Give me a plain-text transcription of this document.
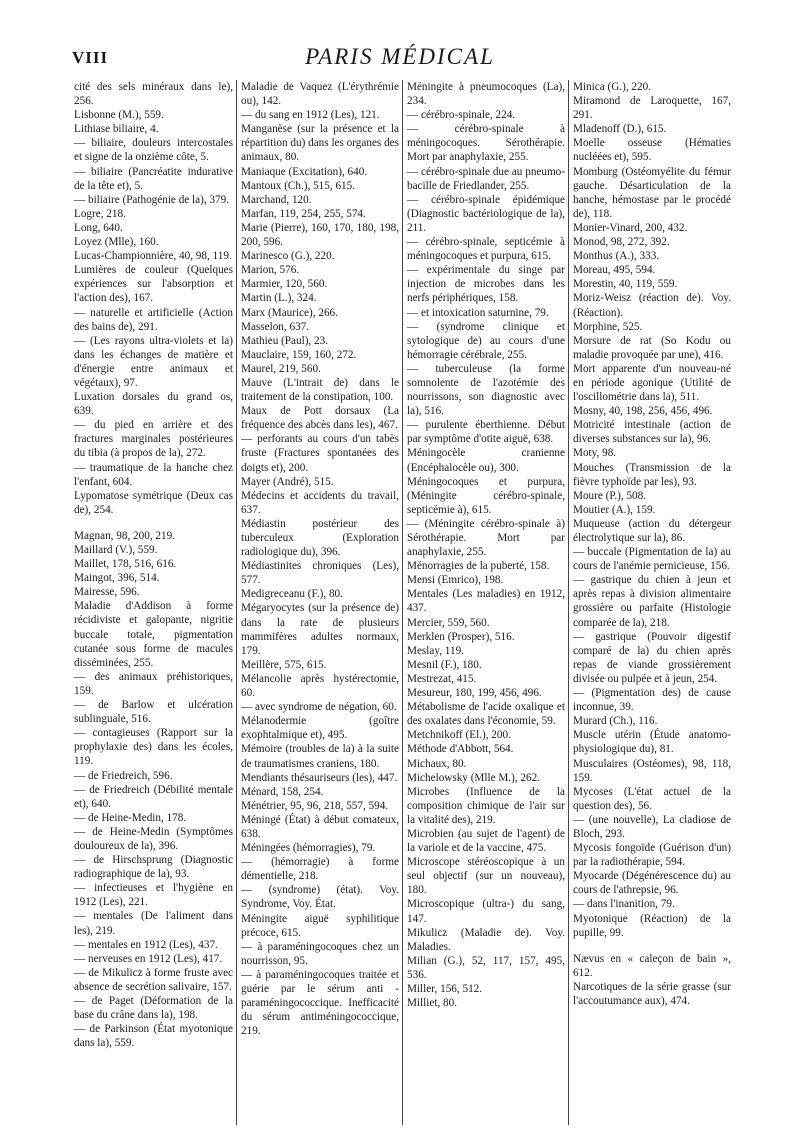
VIII	PARIS MÉDICAL

cité des sels minéraux dans le), 256.

Lisbonne (M.), 559.

Lithiase biliaire, 4.

— biliaire, douleurs intercostales et signe de la onzième côte, 5.

— biliaire (Pancréatite indurative de la tête et), 5.

— biliaire (Pathogénie de la), 379.

Logre, 218.

Long, 640.

Loyez (Mlle), 160.

Lucas-Championnière, 40, 98, 119.

Lumières de couleur (Quelques expériences sur l'absorption et l'action des), 167.

— naturelle et artificielle (Action des bains de), 291.

— (Les rayons ultra-violets et la) dans les échanges de matière et d'énergie entre animaux et végétaux), 97.

Luxation dorsales du grand os, 639.

— du pied en arrière et des fractures marginales postérieures du tibia (à propos de la), 272.

— traumatique de la hanche chez l'enfant, 604.

Lypomatose symétrique (Deux cas de), 254.

Magnan, 98, 200, 219.

Maillard (V.), 559.

Maillet, 178, 516, 616.

Maingot, 396, 514.

Mairesse, 596.

Maladie d'Addison à forme récidiviste et galopante, nigritie buccale totale, pigmentation cutanée sous forme de macules disséminées, 255.

— des animaux préhistoriques, 159.

— de Barlow et ulcération sublinguale, 516.

— contagieuses (Rapport sur la prophylaxie des) dans les écoles, 119.

— de Friedreich, 596.

— de Friedreich (Débilité mentale et), 640.

— de Heine-Medin, 178.

— de Heine-Medin (Symptômes douloureux de la), 396.

— de Hirschsprung (Diagnostic radiographique de la), 93.

— infectieuses et l'hygiène en 1912 (Les), 221.

— mentales (De l'aliment dans les), 219.

— mentales en 1912 (Les), 437.

— nerveuses en 1912 (Les), 417.

— de Mikulicz à forme fruste avec absence de secrétion salivaire, 157.

— de Paget (Déformation de la base du crâne dans la), 198.

— de Parkinson (État myotonique dans la), 559.

Maladie de Vaquez (L'érythrémie ou), 142.

— du sang en 1912 (Les), 121.

Manganèse (sur la présence et la répartition du) dans les organes des animaux, 80.

Maniaque (Excitation), 640.

Mantoux (Ch.), 515, 615.

Marchand, 120.

Marfan, 119, 254, 255, 574.

Marie (Pierre), 160, 170, 180, 198, 200, 596.

Marinesco (G.), 220.

Marion, 576.

Marmier, 120, 560.

Martin (L.), 324.

Marx (Maurice), 266.

Masselon, 637.

Mathieu (Paul), 23.

Mauclaire, 159, 160, 272.

Maurel, 219, 560.

Mauve (L'intrait de) dans le traitement de la constipation, 100.

Maux de Pott dorsaux (La fréquence des abcès dans les), 467.

— perforants au cours d'un tabès fruste (Fractures spontanées des doigts et), 200.

Mayer (André), 515.

Médecins et accidents du travail, 637.

Médiastin postérieur des tuberculeux (Exploration radiologique du), 396.

Médiastinites chroniques (Les), 577.

Medigreceanu (F.), 80.

Mégaryocytes (sur la présence de) dans la rate de plusieurs mammifères adultes normaux, 179.

Meillère, 575, 615.

Mélancolie après hystérectomie, 60.

— avec syndrome de négation, 60.

Mélanodermie (goître exophtalmique et), 495.

Mémoire (troubles de la) à la suite de traumatismes craniens, 180.

Mendiants thésauriseurs (les), 447.

Ménard, 158, 254.

Ménétrier, 95, 96, 218, 557, 594.

Méningé (État) à début comateux, 638.

Méningées (hémorragies), 79.

— (hémorragie) à forme démentielle, 218.

— (syndrome) (état). Voy. Syndrome, Voy. État.

Méningite aiguë syphilitique précoce, 615.

— à paraméningocoques chez un nourrisson, 95.

— à paraméningocoques traitée et guérie par le sérum anti - paraméningococcique. Inefficacité du sérum antiméningococcique, 219.

Méningite à pneumocoques (La), 234.

— cérébro-spinale, 224.

— cérébro-spinale à méningocoques. Sérothérapie. Mort par anaphylaxie, 255.

— cérébro-spinale due au pneumo-bacille de Friedlander, 255.

— cérébro-spinale épidémique (Diagnostic bactériologique de la), 211.

— cérébro-spinale, septicémie à méningocoques et purpura, 615.

— expérimentale du singe par injection de microbes dans les nerfs périphériques, 158.

— et intoxication saturnine, 79.

— (syndrome clinique et sytologique de) au cours d'une hémorragie cérébrale, 255.

— tuberculeuse (la forme somnolente de l'azotémie des nourrissons, son diagnostic avec la), 516.

— purulente éberthienne. Début par symptôme d'otite aiguë, 638.

Méningocèle cranienne (Encéphalocèle ou), 300.

Méningocoques et purpura, (Méningite cérébro-spinale, septicémie à), 615.

— (Méningite cérébro-spinale à) Sérothérapie. Mort par anaphylaxie, 255.

Ménorragies de la puberté, 158.

Mensi (Emrico), 198.

Mentales (Les maladies) en 1912, 437.

Mercier, 559, 560.

Merklen (Prosper), 516.

Meslay, 119.

Mesnil (F.), 180.

Mestrezat, 415.

Mesureur, 180, 199, 456, 496.

Métabolisme de l'acide oxalique et des oxalates dans l'économie, 59.

Metchnikoff (El.), 200.

Méthode d'Abbott, 564.

Michaux, 80.

Michelowsky (Mlle M.), 262.

Microbes (Influence de la composition chimique de l'air sur la vitalité des), 219.

Microbien (au sujet de l'agent) de la variole et de la vaccine, 475.

Microscope stéréoscopique à un seul objectif (sur un nouveau), 180.

Microscopique (ultra-) du sang, 147.

Mikulicz (Maladie de). Voy. Maladies.

Milian (G.), 52, 117, 157, 495, 536.

Miller, 156, 512.

Milliet, 80.

Minica (G.), 220.

Miramond de Laroquette, 167, 291.

Mladenoff (D.), 615.

Moelle osseuse (Hématies nucléées et), 595.

Momburg (Ostéomyélite du fémur gauche. Désarticulation de la hanche, hémostase par le procédé de), 118.

Monier-Vinard, 200, 432.

Monod, 98, 272, 392.

Monthus (A.), 333.

Moreau, 495, 594.

Morestin, 40, 119, 559.

Moriz-Weisz (réaction de). Voy. (Réaction).

Morphine, 525.

Morsure de rat (So Kodu ou maladie provoquée par une), 416.

Mort apparente d'un nouveau-né en période agonique (Utilité de l'oscillométrie dans la), 511.

Mosny, 40, 198, 256, 456, 496.

Motricité intestinale (action de diverses substances sur la), 96.

Moty, 98.

Mouches (Transmission de la fièvre typhoïde par les), 93.

Moure (P.), 508.

Moutier (A.), 159.

Muqueuse (action du détergeur électrolytique sur la), 86.

— buccale (Pigmentation de la) au cours de l'anémie pernicieuse, 156.

— gastrique du chien à jeun et après repas à division alimentaire grossière ou parfaite (Histologie comparée de la), 218.

— gastrique (Pouvoir digestif comparé de la) du chien après repas de viande grossièrement divisée ou pulpée et à jeun, 254.

— (Pigmentation des) de cause inconnue, 39.

Murard (Ch.), 116.

Muscle utérin (Étude anatomo-physiologique du), 81.

Musculaires (Ostéomes), 98, 118, 159.

Mycoses (L'état actuel de la question des), 56.

— (une nouvelle), La cladiose de Bloch, 293.

Mycosis fongoïde (Guérison d'un) par la radiothérapie, 594.

Myocarde (Dégénérescence du) au cours de l'athrepsie, 96.

— dans l'inanition, 79.

Myotonique (Réaction) de la pupille, 99.

Nævus en « caleçon de bain », 612.

Narcotiques de la série grasse (sur l'accoutumance aux), 474.
